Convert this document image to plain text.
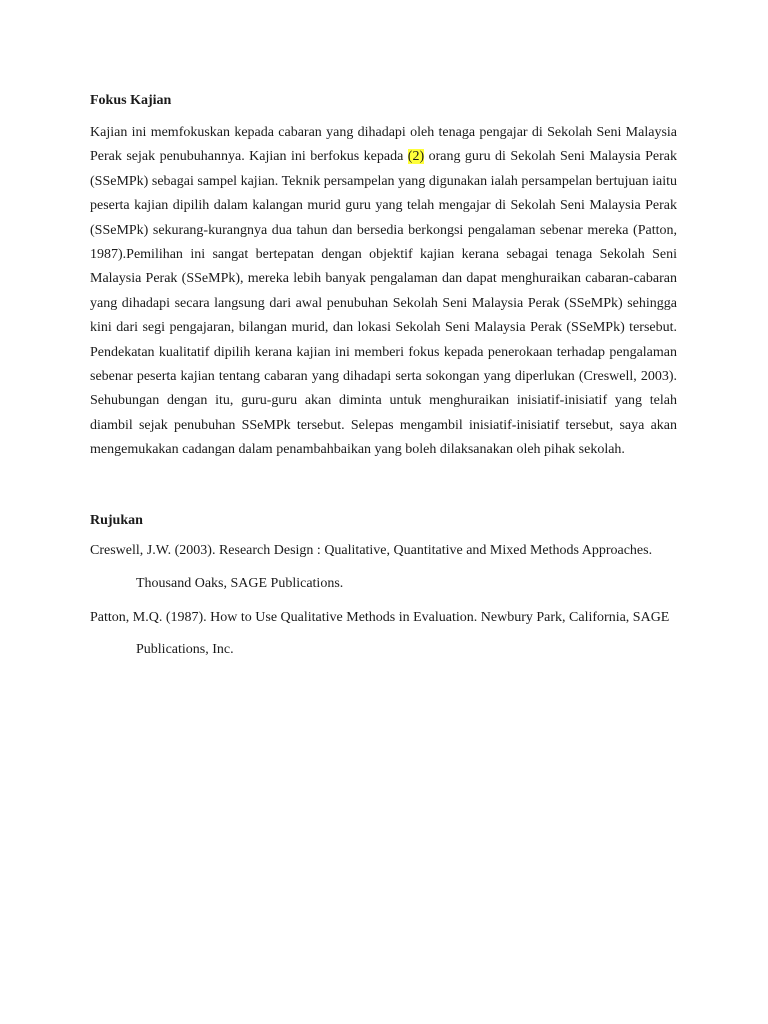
Fokus Kajian

Kajian ini memfokuskan kepada cabaran yang dihadapi oleh tenaga pengajar di Sekolah Seni Malaysia Perak sejak penubuhannya. Kajian ini berfokus kepada (2) orang guru di Sekolah Seni Malaysia Perak (SSeMPk) sebagai sampel kajian. Teknik persampelan yang digunakan ialah persampelan bertujuan iaitu peserta kajian dipilih dalam kalangan murid guru yang telah mengajar di Sekolah Seni Malaysia Perak (SSeMPk) sekurang-kurangnya dua tahun dan bersedia berkongsi pengalaman sebenar mereka (Patton, 1987).Pemilihan ini sangat bertepatan dengan objektif kajian kerana sebagai tenaga Sekolah Seni Malaysia Perak (SSeMPk), mereka lebih banyak pengalaman dan dapat menghuraikan cabaran-cabaran yang dihadapi secara langsung dari awal penubuhan Sekolah Seni Malaysia Perak (SSeMPk) sehingga kini dari segi pengajaran, bilangan murid, dan lokasi Sekolah Seni Malaysia Perak (SSeMPk) tersebut. Pendekatan kualitatif dipilih kerana kajian ini memberi fokus kepada penerokaan terhadap pengalaman sebenar peserta kajian tentang cabaran yang dihadapi serta sokongan yang diperlukan (Creswell, 2003). Sehubungan dengan itu, guru-guru akan diminta untuk menghuraikan inisiatif-inisiatif yang telah diambil sejak penubuhan SSeMPk tersebut. Selepas mengambil inisiatif-inisiatif tersebut, saya akan mengemukakan cadangan dalam penambahbaikan yang boleh dilaksanakan oleh pihak sekolah.

Rujukan

Creswell, J.W. (2003). Research Design : Qualitative, Quantitative and Mixed Methods Approaches.

Thousand Oaks, SAGE Publications.

Patton, M.Q. (1987). How to Use Qualitative Methods in Evaluation. Newbury Park, California, SAGE

Publications, Inc.
